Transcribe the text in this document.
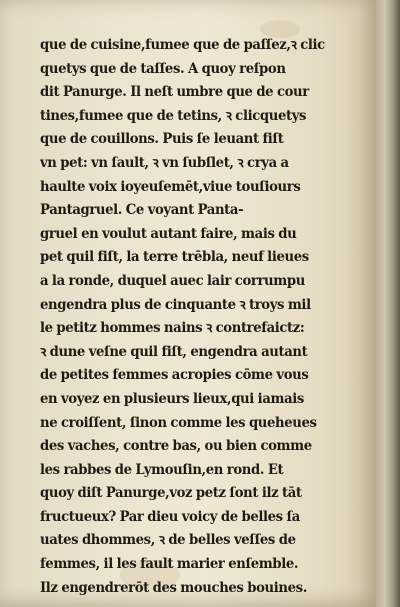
que de cuisine,fumee que de paſſez,ꝛ clic
quetys que de taſſes. A quoy reſpon
dit Panurge. Il neſt umbre que de cour
tines,fumee que de tetins, ꝛ clicquetys
que de couillons. Puis ſe leuant fiſt
vn pet: vn ſault, ꝛ vn ſubſlet, ꝛ crya a
haulte voix ioyeuſemēt,viue touſiours
Pantagruel. Ce voyant Panta-
gruel en voulut autant faire, mais du
pet quil fiſt, la terre trēbla, neuf lieues
a la ronde, duquel auec lair corrumpu
engendra plus de cinquante ꝛ troys mil
le petitz hommes nains ꝛ contrefaictz:
ꝛ dune veſne quil fiſt, engendra autant
de petites femmes acropies cōme vous
en voyez en plusieurs lieux,qui iamais
ne croiſſent, ſinon comme les queheues
des vaches, contre bas, ou bien comme
les rabbes de Lymouſin,en rond. Et
quoy diſt Panurge,voz petz ſont ilz tāt
fructueux? Par dieu voicy de belles ſa
uates dhommes, ꝛ de belles veſſes de
femmes, il les fault marier enſemble.
Ilz engendrerōt des mouches bouines.
